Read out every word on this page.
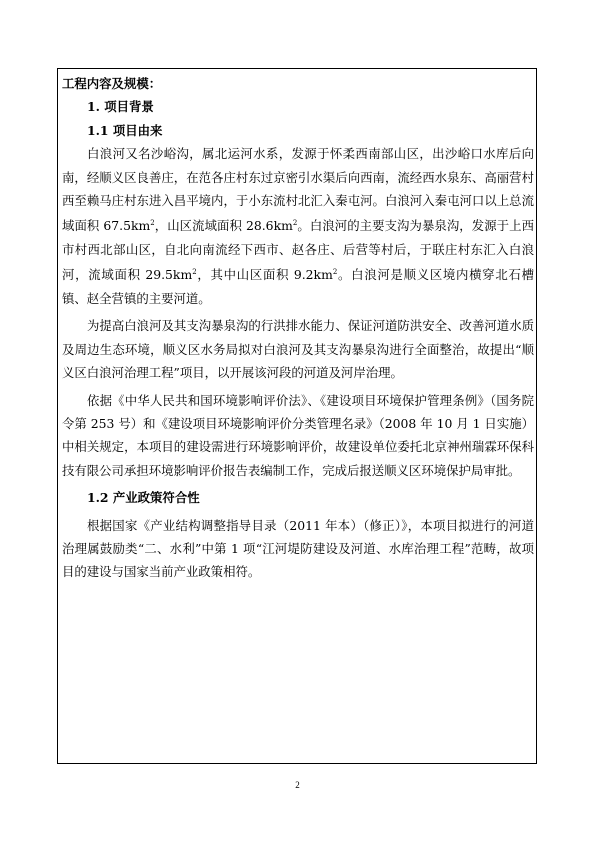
工程内容及规模：

1. 项目背景

1.1 项目由来

白浪河又名沙峪沟，属北运河水系，发源于怀柔西南部山区，出沙峪口水库后向南，经顺义区良善庄，在范各庄村东过京密引水渠后向西南，流经西水泉东、高丽营村西至赖马庄村东进入昌平境内，于小东流村北汇入秦屯河。白浪河入秦屯河口以上总流域面积 $67.5km^2$，山区流域面积 $28.6km^2$。白浪河的主要支沟为暴泉沟，发源于上西市村西北部山区，自北向南流经下西市、赵各庄、后营等村后，于联庄村东汇入白浪河，流域面积 $29.5km^2$，其中山区面积 $9.2km^2$。白浪河是顺义区境内横穿北石槽镇、赵全营镇的主要河道。

为提高白浪河及其支沟暴泉沟的行洪排水能力、保证河道防洪安全、改善河道水质及周边生态环境，顺义区水务局拟对白浪河及其支沟暴泉沟进行全面整治，故提出“顺义区白浪河治理工程”项目，以开展该河段的河道及河岸治理。

依据《中华人民共和国环境影响评价法》、《建设项目环境保护管理条例》（国务院令第 253 号）和《建设项目环境影响评价分类管理名录》（2008 年 10 月 1 日实施）中相关规定，本项目的建设需进行环境影响评价，故建设单位委托北京神州瑞霖环保科技有限公司承担环境影响评价报告表编制工作，完成后报送顺义区环境保护局审批。

1.2 产业政策符合性

根据国家《产业结构调整指导目录（2011 年本）（修正）》，本项目拟进行的河道治理属鼓励类“二、水利”中第 1 项“江河堤防建设及河道、水库治理工程”范畴，故项目的建设与国家当前产业政策相符。

2
